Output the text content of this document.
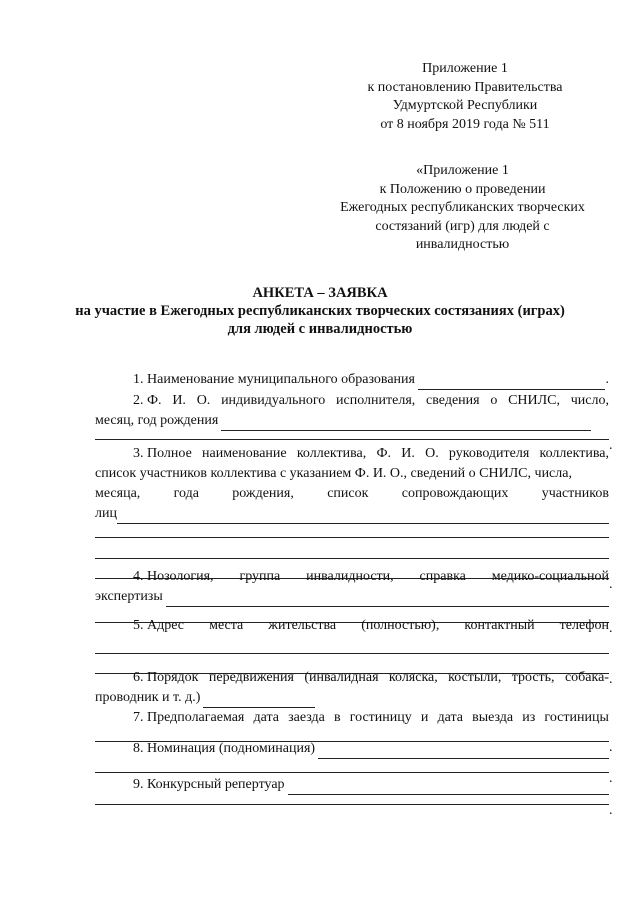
Приложение 1
к постановлению Правительства
Удмуртской Республики
от 8 ноября 2019 года № 511
«Приложение 1
к Положению о проведении
Ежегодных республиканских творческих
состязаний (игр) для людей с
инвалидностью
АНКЕТА – ЗАЯВКА
на участие в Ежегодных республиканских творческих состязаниях (играх)
для людей с инвалидностью
1. Наименование муниципального образования	.
2. Ф. И. О. индивидуального исполнителя, сведения о СНИЛС, число,
месяц, год рождения
.
3. Полное наименование коллектива, Ф. И. О. руководителя коллектива,
список участников коллектива с указанием Ф. И. О., сведений о СНИЛС, числа,
месяца, года рождения, список сопровождающих участников
лиц
.
4. Нозология, группа инвалидности, справка медико-социальной
экспертизы
.
5. Адрес места жительства (полностью), контактный телефон
.
6. Порядок передвижения (инвалидная коляска, костыли, трость, собака-
проводник и т. д.)
7. Предполагаемая дата заезда в гостиницу и дата выезда из гостиницы
.
8. Номинация (подноминация)
.
9. Конкурсный репертуар
.
